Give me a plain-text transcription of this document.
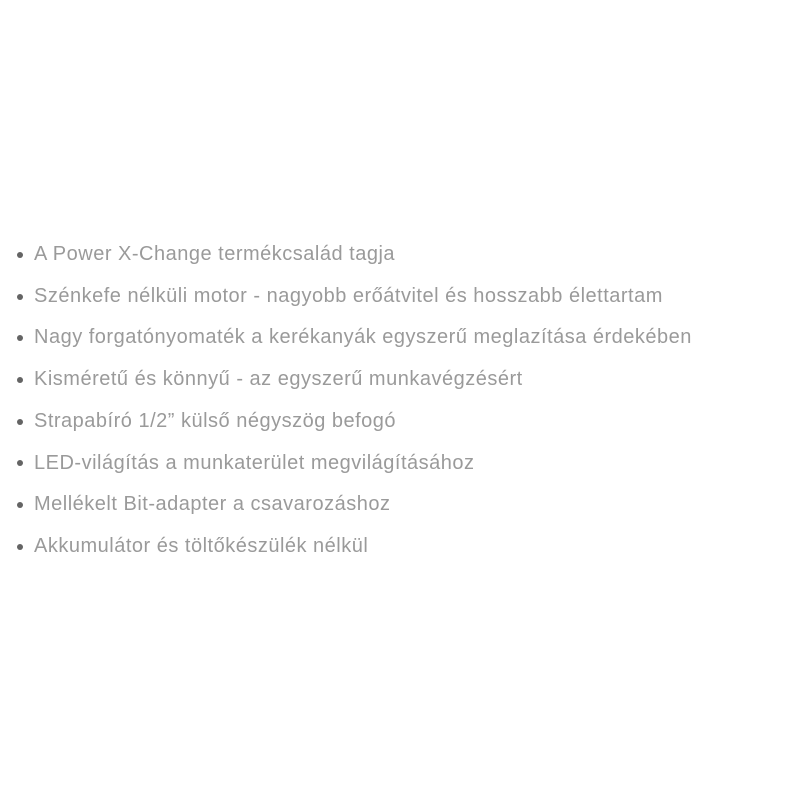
A Power X-Change termékcsalád tagja
Szénkefe nélküli motor - nagyobb erőátvitel és hosszabb élettartam
Nagy forgatónyomaték a kerékanyák egyszerű meglazítása érdekében
Kisméretű és könnyű - az egyszerű munkavégzésért
Strapabíró 1/2” külső négyszög befogó
LED-világítás a munkaterület megvilágításához
Mellékelt Bit-adapter a csavarozáshoz
Akkumulátor és töltőkészülék nélkül
